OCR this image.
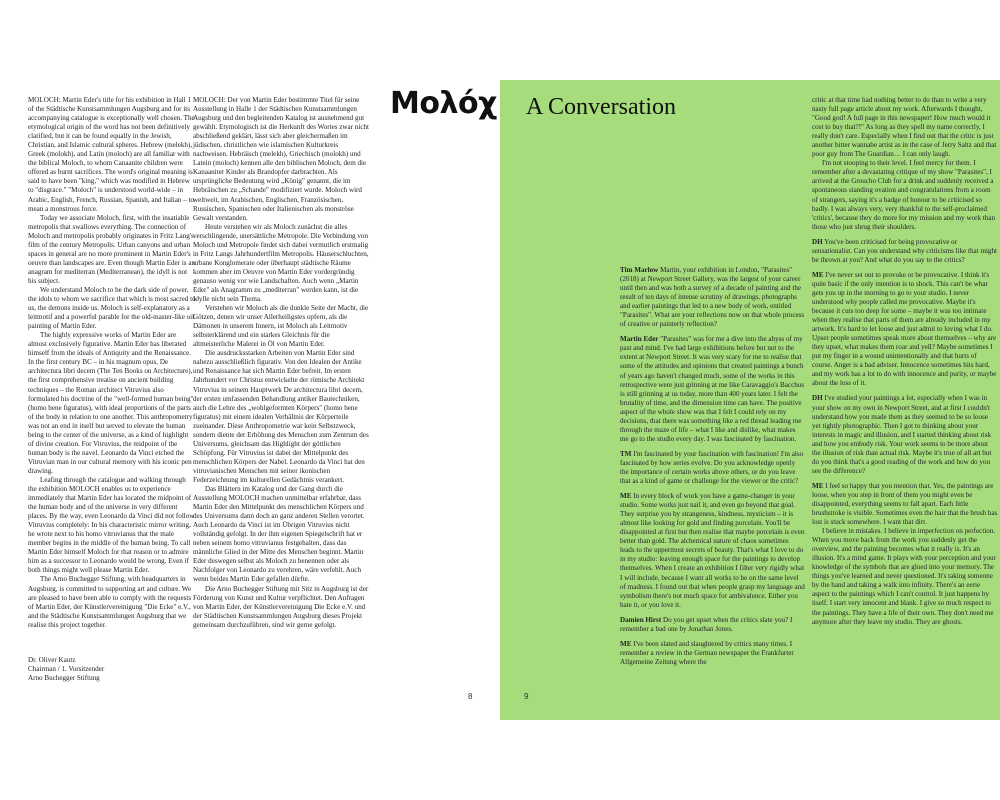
MOLOCH: Martin Eder's title for his exhibition in Hall 1 of the Städtische Kunstsammlungen Augsburg and for its accompanying catalogue is exceptionally well chosen. The etymological origin of the word has not been definitively clarified, but it can be found equally in the Jewish, Christian, and Islamic cultural spheres. Hebrew (melekh), Greek (molokh), and Latin (moloch) are all familiar with the biblical Moloch, to whom Canaanite children were offered as burnt sacrifices. The word's original meaning is said to have been "king," which was modified in Hebrew to "disgrace." "Moloch" is understood world-wide – in Arabic, English, French, Russian, Spanish, and Italian – to mean a monstrous force.

Today we associate Moloch, first, with the insatiable metropolis that swallows everything. The connection of Moloch and metropolis probably originates in Fritz Lang's film of the century Metropolis. Urban canyons and urban spaces in general are no more prominent in Martin Eder's oeuvre than landscapes are. Even though Martin Eder is an anagram for mediterran (Mediterranean), the idyll is not his subject.

We understand Moloch to be the dark side of power, the idols to whom we sacrifice that which is most sacred to us, the demons inside us. Moloch is self-explanatory as a leitmotif and a powerful parable for the old-master-like oil painting of Martin Eder.

The highly expressive works of Martin Eder are almost exclusively figurative. Martin Eder has liberated himself from the ideals of Antiquity and the Renaissance. In the first century BC – in his magnum opus, De architectura libri decem (The Ten Books on Architecture), the first comprehensive treatise on ancient building techniques – the Roman architect Vitruvius also formulated his doctrine of the "well-formed human being" (homo bene figuratus), with ideal proportions of the parts of the body in relation to one another. This anthropometry was not an end in itself but served to elevate the human being to the center of the universe, as a kind of highlight of divine creation. For Vitruvius, the midpoint of the human body is the navel. Leonardo da Vinci etched the Vitruvian man in our cultural memory with his iconic pen drawing.

Leafing through the catalogue and walking through the exhibition MOLOCH enables us to experience immediately that Martin Eder has located the midpoint of the human body and of the universe in very different places. By the way, even Leonardo da Vinci did not follow Vitruvius completely: In his characteristic mirror writing, he wrote next to his homo vitruvianus that the male member begins in the middle of the human being. To call Martin Eder himself Moloch for that reason or to admire him as a successor to Leonardo would be wrong. Even if both things might well please Martin Eder.

The Arno Buchegger Stiftung, with headquarters in Augsburg, is committed to supporting art and culture. We are pleased to have been able to comply with the requests of Martin Eder, der Künstlervereinigung "Die Ecke" e.V., and the Städtische Kunstsammlungen Augsburg that we realise this project together.

Dr. Oliver Kautz
Chairman / 1. Vorsitzender
Arno Buchegger Stiftung

MOLOCH: Der von Martin Eder bestimmte Titel für seine Ausstellung in Halle 1 der Städtischen Kunstsammlungen Augsburg und den begleitenden Katalog ist ausnehmend gut gewählt. Etymologisch ist die Herkunft des Wortes zwar nicht abschließend geklärt, lässt sich aber gleichermaßen im jüdischen, christlichen wie islamischen Kulturkreis nachweisen. Hebräisch (melekh), Griechisch (molokh) und Latein (moloch) kennen alle den biblischen Moloch, dem die Kanaaniter Kinder als Brandopfer darbrachten. Als ursprüngliche Bedeutung wird „König" genannt, die im Hebräischen zu „Schande" modifiziert wurde. Moloch wird weltweit, im Arabischen, Englischen, Französischen, Russischen, Spanischen oder Italienischen als monströse Gewalt verstanden.

Heute verstehen wir als Moloch zunächst die alles verschlingende, unersättliche Metropole. Die Verbindung von Moloch und Metropole findet sich dabei vermutlich erstmalig in Fritz Langs Jahrhundertfilm Metropolis. Häuserschluchten, urbane Konglomerate oder überhaupt städtische Räume kommen aber im Oeuvre von Martin Eder vordergründig genauso wenig vor wie Landschaften. Auch wenn „Martin Eder" als Anagramm zu „mediterran" werden kann, ist die Idylle nicht sein Thema.

Verstehen wir Moloch als die dunkle Seite der Macht, die Götzen, denen wir unser Allerheiligstes opfern, als die Dämonen in unserem Innern, ist Moloch als Leitmotiv selbsterklärend und ein starkes Gleichnis für die altmeisterliche Malerei in Öl von Martin Eder.

Die ausdrucksstarken Arbeiten von Martin Eder sind nahezu ausschließlich figurativ. Von den Idealen der Antike und Renaissance hat sich Martin Eder befreit. Im ersten Jahrhundert vor Christus entwickelte der römische Architekt Vitruvius in seinem Hauptwerk De architectura libri decem, der ersten umfassenden Behandlung antiker Bautechniken, auch die Lehre des „wohlgeformten Körpers" (homo bene figuratus) mit einem idealen Verhältnis der Körperteile zueinander. Diese Anthropometrie war kein Selbstzweck, sondern diente der Erhöhung des Menschen zum Zentrum des Universums, gleichsam das Highlight der göttlichen Schöpfung. Für Vitruvius ist dabei der Mittelpunkt des menschlichen Körpers der Nabel. Leonardo da Vinci hat den vitruvianischen Menschen mit seiner ikonischen Federzeichnung im kulturellen Gedächtnis verankert.

Das Blättern im Katalog und der Gang durch die Ausstellung MOLOCH machen unmittelbar erfahrbar, dass Martin Eder den Mittelpunkt des menschlichen Körpers und des Universums dann doch an ganz anderen Stellen verortet. Auch Leonardo da Vinci ist im Übrigen Vitruvius nicht vollständig gefolgt. In der ihm eigenen Spiegelschrift hat er neben seinem homo vitruvianus festgehalten, dass das männliche Glied in der Mitte des Menschen beginnt. Martin Eder deswegen selbst als Moloch zu benennen oder als Nachfolger von Leonardo zu verehren, wäre verfehlt. Auch wenn beides Martin Eder gefallen dürfte.

Die Arno Buchegger Stiftung mit Sitz in Augsburg ist der Förderung von Kunst und Kultur verpflichtet. Den Anfragen von Martin Eder, der Künstlervereinigung Die Ecke e.V. und der Städtischen Kunstsammlungen Augsburg dieses Projekt gemeinsam durchzuführen, sind wir gerne gefolgt.

Μολόχ A Conversation

Tim Marlow Martin, your exhibition in London, "Parasites" (2018) at Newport Street Gallery, was the largest of your career until then and was both a survey of a decade of painting and the result of ten days of intense scrutiny of drawings, photographs and earlier paintings that led to a new body of work, entitled "Parasites". What are your reflections now on that whole process of creative or painterly reflection?

Martin Eder "Parasites" was for me a dive into the abyss of my past and mind. I've had large exhibitions before but not to the extent at Newport Street. It was very scary for me to realise that some of the attitudes and opinions that created paintings a bunch of years ago haven't changed much, some of the works in this retrospective were just grinning at me like Caravaggio's Bacchus is still grinning at us today, more than 400 years later. I felt the brutality of time, and the dimension time can have. The positive aspect of the whole show was that I felt I could rely on my decisions, that there was something like a red thread leading me through the maze of life – what I like and dislike, what makes me go to the studio every day. I was fascinated by fascination.

TM I'm fascinated by your fascination with fascination! I'm also fascinated by how series evolve. Do you acknowledge openly the importance of certain works above others, or do you leave that as a kind of game or challenge for the viewer or the critic?

ME In every block of work you have a game-changer in your studio. Some works just nail it, and even go beyond that goal. They surprise you by strangeness, kindness, mysticism – it is almost like looking for gold and finding porcelain. You'll be disappointed at first but then realise that maybe porcelain is even better than gold. The alchemical nature of chaos sometimes leads to the uppermost secrets of beauty. That's what I love to do in my studio: leaving enough space for the paintings to develop themselves. When I create an exhibition I filter very rigidly what I will include, because I want all works to be on the same level of madness. I found out that when people grasp my language and symbolism there's not much space for ambivalence. Either you hate it, or you love it.

Damien Hirst Do you get upset when the critics slate you? I remember a bad one by Jonathan Jones.

ME I've been slated and slaughtered by critics many times. I remember a review in the German newspaper the Frankfurter Allgemeine Zeitung where the

critic at that time had nothing better to do than to write a very nasty full page article about my work. Afterwards I thought, "Good god! A full page in this newspaper! How much would it cost to buy that?!" As long as they spell my name correctly, I really don't care. Especially when I find out that the critic is just another bitter wannabe artist as in the case of Jerry Saltz and that poor guy from The Guardian… I can only laugh.

I'm not stooping to their level. I feel mercy for them. I remember after a devastating critique of my show "Parasites", I arrived at the Groucho Club for a drink and suddenly received a spontaneous standing ovation and congratulations from a room of strangers, saying it's a badge of honour to be criticised so badly. I was always very, very thankful to the self-proclaimed 'critics', because they do more for my mission and my work than those who just shrug their shoulders.

DH You've been criticised for being provocative or sensationalist. Can you understand why criticisms like that might be thrown at you? And what do you say to the critics?

ME I've never set out to provoke or be provocative. I think it's quite basic if the only intention is to shock. This can't be what gets you up in the morning to go to your studio. I never understood why people called me provocative. Maybe it's because it cuts too deep for some – maybe it was too intimate when they realise that parts of them are already included in my artwork. It's hard to let loose and just admit to loving what I do. Upset people sometimes speak more about themselves – why are they upset, what makes them roar and yell? Maybe sometimes I put my finger in a wound unintentionally and that hurts of course. Anger is a bad adviser. Innocence sometimes hits hard, and my work has a lot to do with innocence and purity, or maybe about the loss of it.

DH I've studied your paintings a lot, especially when I was in your show on my own in Newport Street, and at first I couldn't understand how you made them as they seemed to be so loose yet tightly photographic. Then I got to thinking about your interests in magic and illusion, and I started thinking about risk and how you embody risk. Your work seems to be more about the illusion of risk than actual risk. Maybe it's true of all art but do you think that's a good reading of the work and how do you see the difference?

ME I feel so happy that you mention that. Yes, the paintings are loose, when you step in front of them you might even be disappointed, everything seems to fall apart. Each little brushstroke is visible. Sometimes even the hair that the brush has lost is stuck somewhere. I want that dirt.

I believe in mistakes. I believe in imperfection on perfection. When you move back from the work you suddenly get the overview, and the painting becomes what it really is. It's an illusion. It's a mind game. It plays with your perception and your knowledge of the symbols that are glued into your memory. The things you've learned and never questioned. It's taking someone by the hand and taking a walk into infinity. There's an eerie aspect to the paintings which I can't control. It just happens by itself. I start very innocent and blank. I give so much respect to the paintings. They have a life of their own. They don't need me anymore after they leave my studio. They are ghosts.

8	9
